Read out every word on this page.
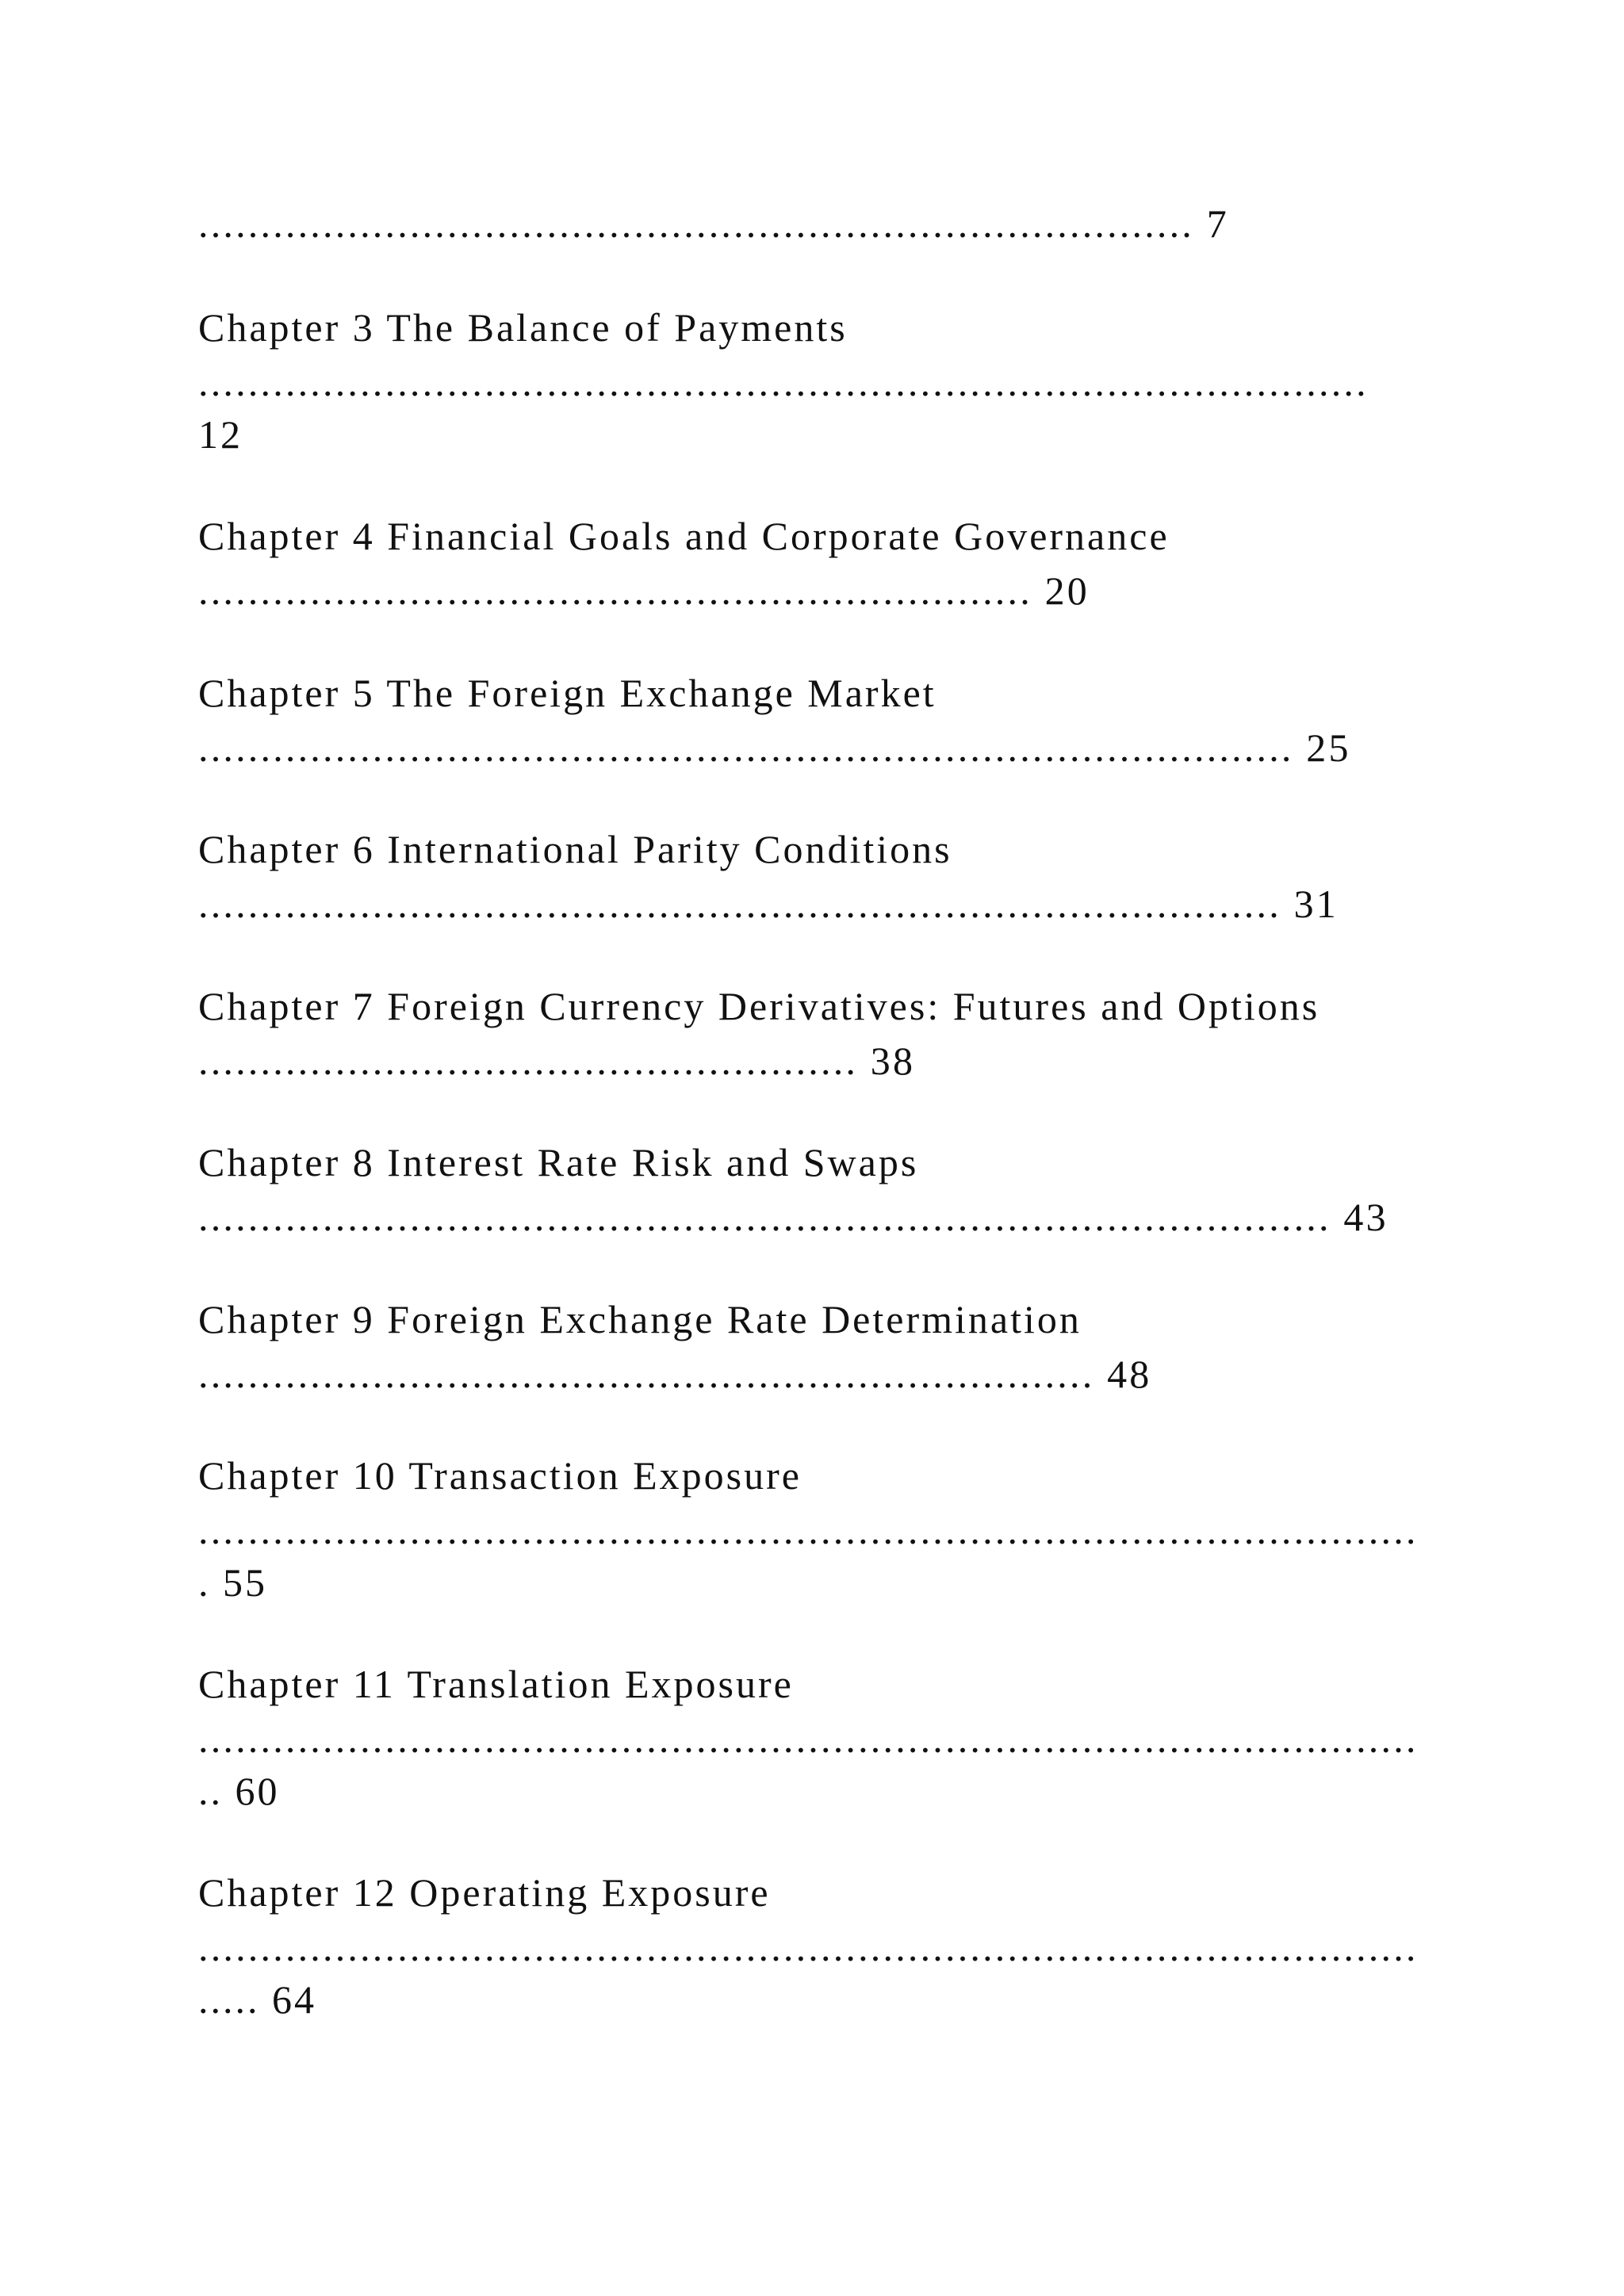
................................................................................ 7
Chapter 3 The Balance of Payments
..............................................................................................
12
Chapter 4 Financial Goals and Corporate Governance
................................................................... 20
Chapter 5 The Foreign Exchange Market
........................................................................................ 25
Chapter 6 International Parity Conditions
....................................................................................... 31
Chapter 7 Foreign Currency Derivatives: Futures and Options
..................................................... 38
Chapter 8 Interest Rate Risk and Swaps
........................................................................................... 43
Chapter 9 Foreign Exchange Rate Determination
........................................................................ 48
Chapter 10 Transaction Exposure
..................................................................................................
. 55
Chapter 11 Translation Exposure
..................................................................................................
.. 60
Chapter 12 Operating Exposure
..................................................................................................
..... 64
